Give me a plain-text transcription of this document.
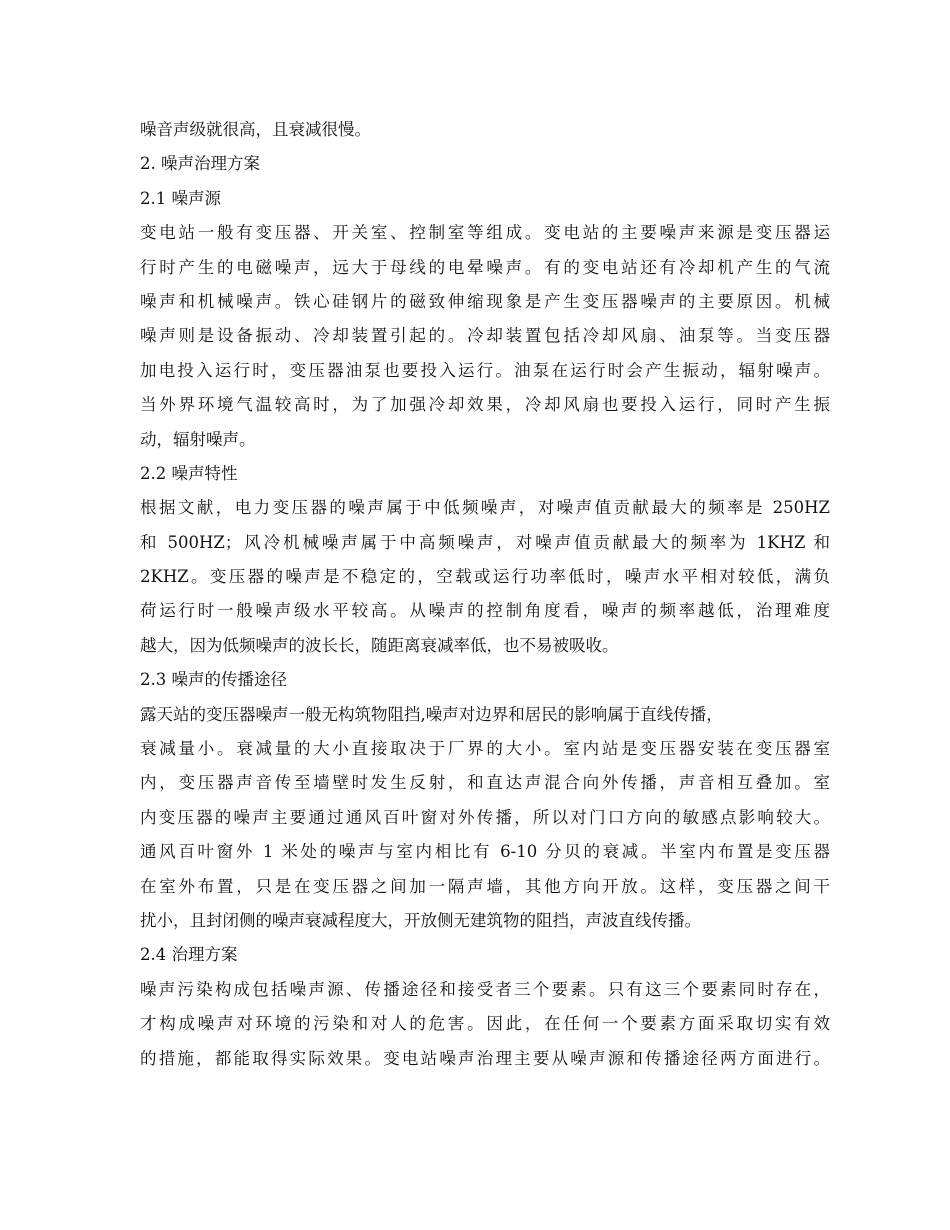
噪音声级就很高，且衰减很慢。
2. 噪声治理方案
2.1 噪声源
变电站一般有变压器、开关室、控制室等组成。变电站的主要噪声来源是变压器运
行时产生的电磁噪声，远大于母线的电晕噪声。有的变电站还有冷却机产生的气流
噪声和机械噪声。铁心硅钢片的磁致伸缩现象是产生变压器噪声的主要原因。机械
噪声则是设备振动、冷却装置引起的。冷却装置包括冷却风扇、油泵等。当变压器
加电投入运行时，变压器油泵也要投入运行。油泵在运行时会产生振动，辐射噪声。
当外界环境气温较高时，为了加强冷却效果，冷却风扇也要投入运行，同时产生振
动，辐射噪声。
2.2 噪声特性
根据文献，电力变压器的噪声属于中低频噪声，对噪声值贡献最大的频率是 250HZ
和 500HZ；风冷机械噪声属于中高频噪声，对噪声值贡献最大的频率为 1KHZ 和
2KHZ。变压器的噪声是不稳定的，空载或运行功率低时，噪声水平相对较低，满负
荷运行时一般噪声级水平较高。从噪声的控制角度看，噪声的频率越低，治理难度
越大，因为低频噪声的波长长，随距离衰减率低，也不易被吸收。
2.3 噪声的传播途径
露天站的变压器噪声一般无构筑物阻挡,噪声对边界和居民的影响属于直线传播，
衰减量小。衰减量的大小直接取决于厂界的大小。室内站是变压器安装在变压器室
内，变压器声音传至墙壁时发生反射，和直达声混合向外传播，声音相互叠加。室
内变压器的噪声主要通过通风百叶窗对外传播，所以对门口方向的敏感点影响较大。
通风百叶窗外 1 米处的噪声与室内相比有 6-10 分贝的衰减。半室内布置是变压器
在室外布置，只是在变压器之间加一隔声墙，其他方向开放。这样，变压器之间干
扰小，且封闭侧的噪声衰减程度大，开放侧无建筑物的阻挡，声波直线传播。
2.4 治理方案
噪声污染构成包括噪声源、传播途径和接受者三个要素。只有这三个要素同时存在，
才构成噪声对环境的污染和对人的危害。因此，在任何一个要素方面采取切实有效
的措施，都能取得实际效果。变电站噪声治理主要从噪声源和传播途径两方面进行。
